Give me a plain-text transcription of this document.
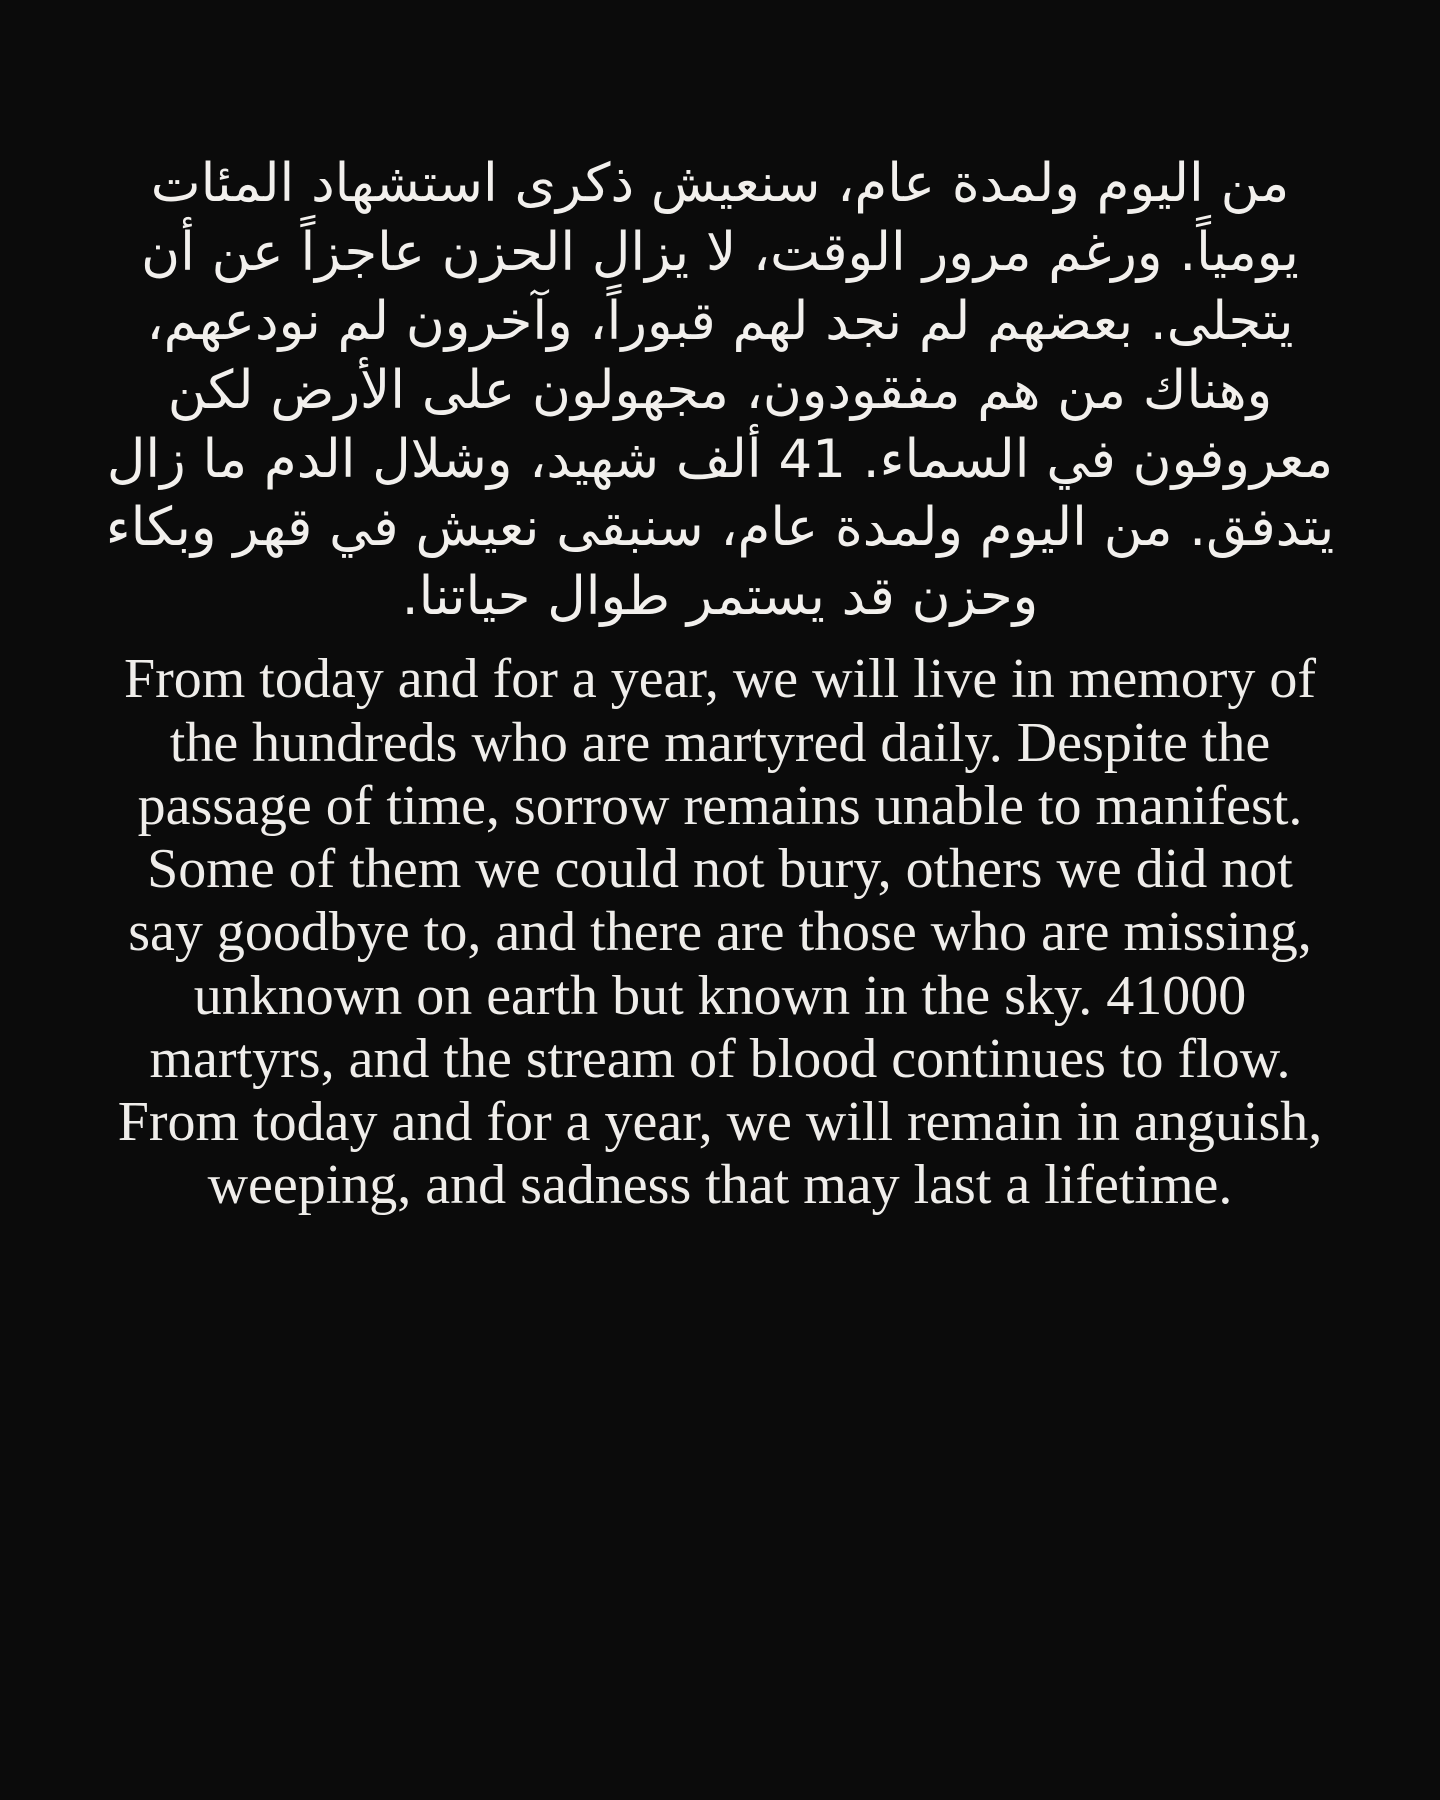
من اليوم ولمدة عام، سنعيش ذكرى استشهاد المئات يومياً. ورغم مرور الوقت، لا يزال الحزن عاجزاً عن أن يتجلى. بعضهم لم نجد لهم قبوراً، وآخرون لم نودعهم، وهناك من هم مفقودون، مجهولون على الأرض لكن معروفون في السماء. 41 ألف شهيد، وشلال الدم ما زال يتدفق. من اليوم ولمدة عام، سنبقى نعيش في قهر وبكاء وحزن قد يستمر طوال حياتنا.

From today and for a year, we will live in memory of the hundreds who are martyred daily. Despite the passage of time, sorrow remains unable to manifest. Some of them we could not bury, others we did not say goodbye to, and there are those who are missing, unknown on earth but known in the sky. 41000 martyrs, and the stream of blood continues to flow. From today and for a year, we will remain in anguish, weeping, and sadness that may last a lifetime.
